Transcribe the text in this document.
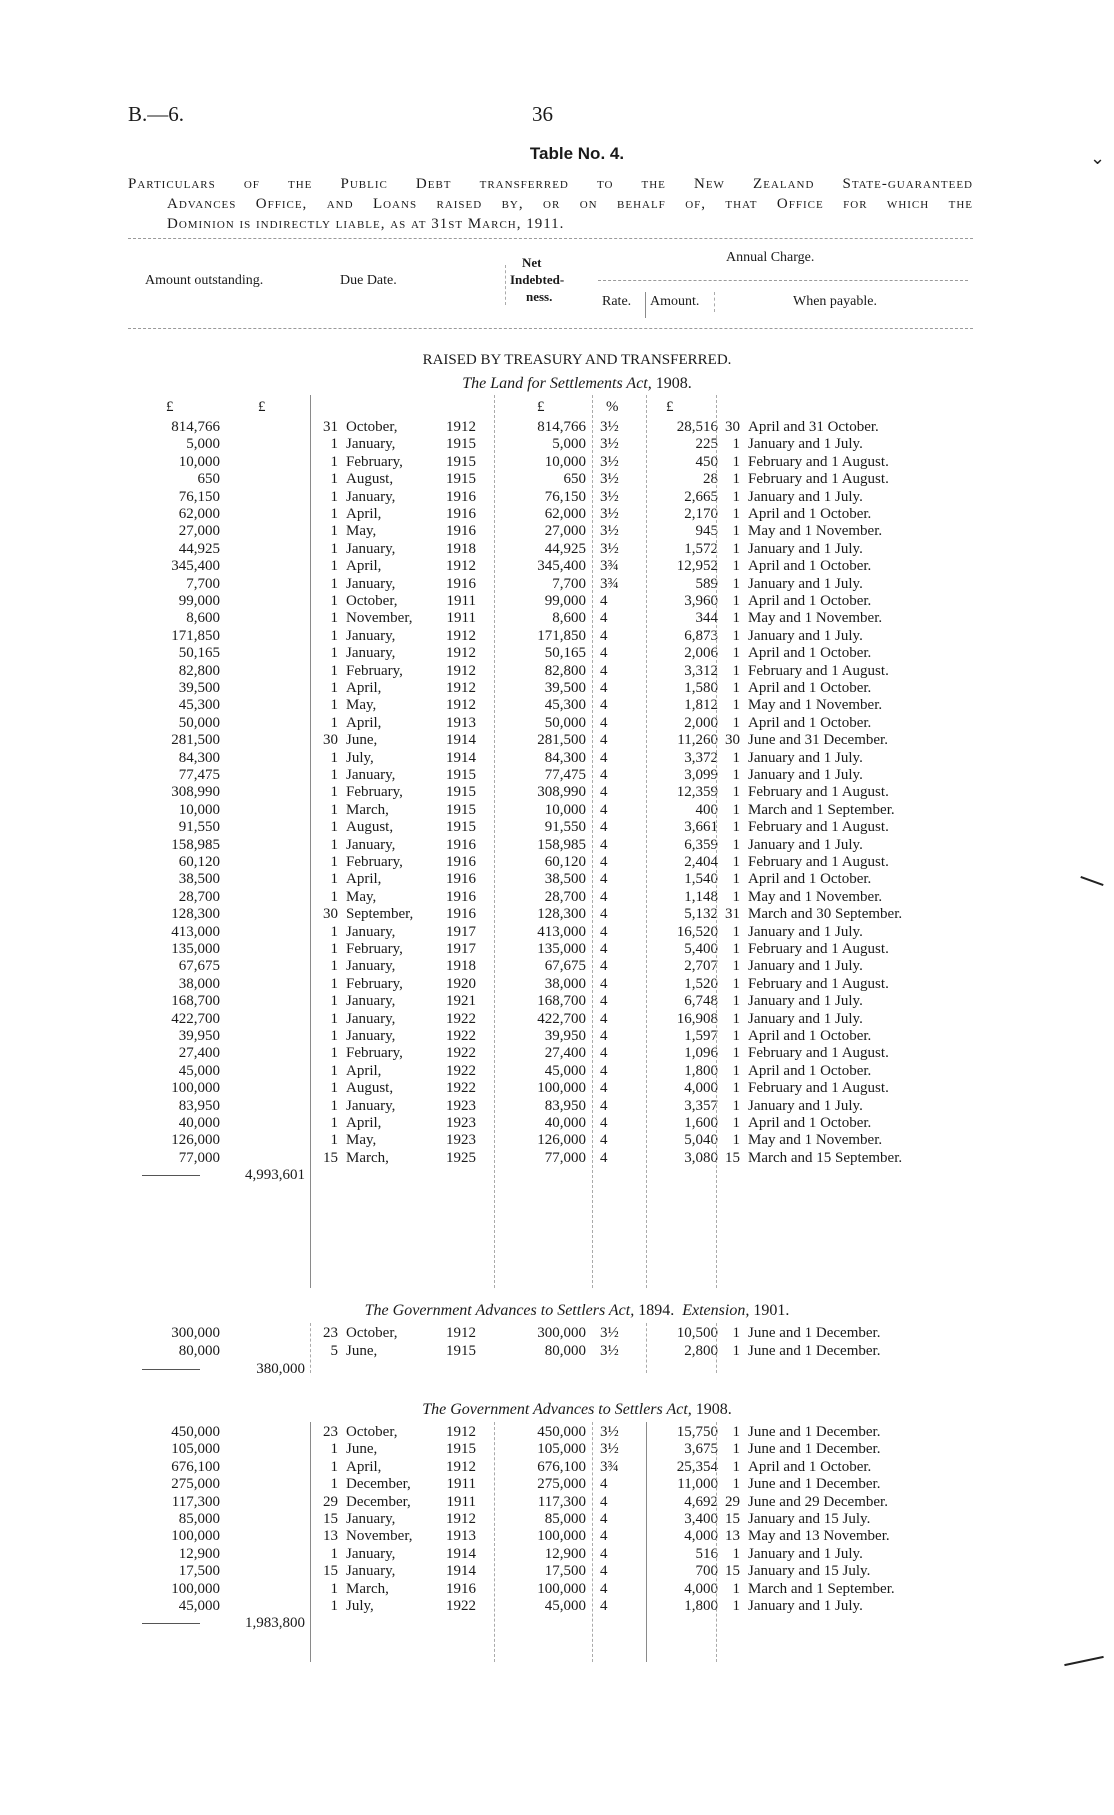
B.—6.	36
Table No. 4.
Particulars of the Public Debt transferred to the New Zealand State-guaranteed
Advances Office, and Loans raised by, or on behalf of, that Office for which the
Dominion is indirectly liable, as at 31st March, 1911.
Amount outstanding.	Due Date.
Net
Indebted-
ness.
Annual Charge.
Rate. Amount.	When payable.
RAISED BY TREASURY AND TRANSFERRED.
The Land for Settlements Act, 1908.
£	£	£	%	£
814,766	31 October,	1912	814,766 3½	28,516 30 April and 31 October.
5,000	1 January,	1915	5,000 3½	225 1 January and 1 July.
10,000	1 February,	1915	10,000 3½	450 1 February and 1 August.
650	1 August,	1915	650 3½	28 1 February and 1 August.
76,150	1 January,	1916	76,150 3½	2,665 1 January and 1 July.
62,000	1 April,	1916	62,000 3½	2,170 1 April and 1 October.
27,000	1 May,	1916	27,000 3½	945 1 May and 1 November.
44,925	1 January,	1918	44,925 3½	1,572 1 January and 1 July.
345,400	1 April,	1912	345,400 3¾	12,952 1 April and 1 October.
7,700	1 January,	1916	7,700 3¾	589 1 January and 1 July.
99,000	1 October,	1911	99,000 4	3,960 1 April and 1 October.
8,600	1 November,	1911	8,600 4	344 1 May and 1 November.
171,850	1 January,	1912	171,850 4	6,873 1 January and 1 July.
50,165	1 January,	1912	50,165 4	2,006 1 April and 1 October.
82,800	1 February,	1912	82,800 4	3,312 1 February and 1 August.
39,500	1 April,	1912	39,500 4	1,580 1 April and 1 October.
45,300	1 May,	1912	45,300 4	1,812 1 May and 1 November.
50,000	1 April,	1913	50,000 4	2,000 1 April and 1 October.
281,500	30 June,	1914	281,500 4	11,260 30 June and 31 December.
84,300	1 July,	1914	84,300 4	3,372 1 January and 1 July.
77,475	1 January,	1915	77,475 4	3,099 1 January and 1 July.
308,990	1 February,	1915	308,990 4	12,359 1 February and 1 August.
10,000	1 March,	1915	10,000 4	400 1 March and 1 September.
91,550	1 August,	1915	91,550 4	3,661 1 February and 1 August.
158,985	1 January,	1916	158,985 4	6,359 1 January and 1 July.
60,120	1 February,	1916	60,120 4	2,404 1 February and 1 August.
38,500	1 April,	1916	38,500 4	1,540 1 April and 1 October.
28,700	1 May,	1916	28,700 4	1,148 1 May and 1 November.
128,300	30 September,	1916	128,300 4	5,132 31 March and 30 September.
413,000	1 January,	1917	413,000 4	16,520 1 January and 1 July.
135,000	1 February,	1917	135,000 4	5,400 1 February and 1 August.
67,675	1 January,	1918	67,675 4	2,707 1 January and 1 July.
38,000	1 February,	1920	38,000 4	1,520 1 February and 1 August.
168,700	1 January,	1921	168,700 4	6,748 1 January and 1 July.
422,700	1 January,	1922	422,700 4	16,908 1 January and 1 July.
39,950	1 January,	1922	39,950 4	1,597 1 April and 1 October.
27,400	1 February,	1922	27,400 4	1,096 1 February and 1 August.
45,000	1 April,	1922	45,000 4	1,800 1 April and 1 October.
100,000	1 August,	1922	100,000 4	4,000 1 February and 1 August.
83,950	1 January,	1923	83,950 4	3,357 1 January and 1 July.
40,000	1 April,	1923	40,000 4	1,600 1 April and 1 October.
126,000	1 May,	1923	126,000 4	5,040 1 May and 1 November.
77,000	15 March,	1925	77,000 4	3,080 15 March and 15 September.
4,993,601
The Government Advances to Settlers Act, 1894. Extension, 1901.
300,000	23 October,	1912	300,000 3½	10,500 1 June and 1 December.
80,000	5 June,	1915	80,000 3½	2,800 1 June and 1 December.
380,000
The Government Advances to Settlers Act, 1908.
450,000	23 October,	1912	450,000 3½	15,750 1 June and 1 December.
105,000	1 June,	1915	105,000 3½	3,675 1 June and 1 December.
676,100	1 April,	1912	676,100 3¾	25,354 1 April and 1 October.
275,000	1 December,	1911	275,000 4	11,000 1 June and 1 December.
117,300	29 December,	1911	117,300 4	4,692 29 June and 29 December.
85,000	15 January,	1912	85,000 4	3,400 15 January and 15 July.
100,000	13 November,	1913	100,000 4	4,000 13 May and 13 November.
12,900	1 January,	1914	12,900 4	516 1 January and 1 July.
17,500	15 January,	1914	17,500 4	700 15 January and 15 July.
100,000	1 March,	1916	100,000 4	4,000 1 March and 1 September.
45,000	1 July,	1922	45,000 4	1,800 1 January and 1 July.
1,983,800
⌄
